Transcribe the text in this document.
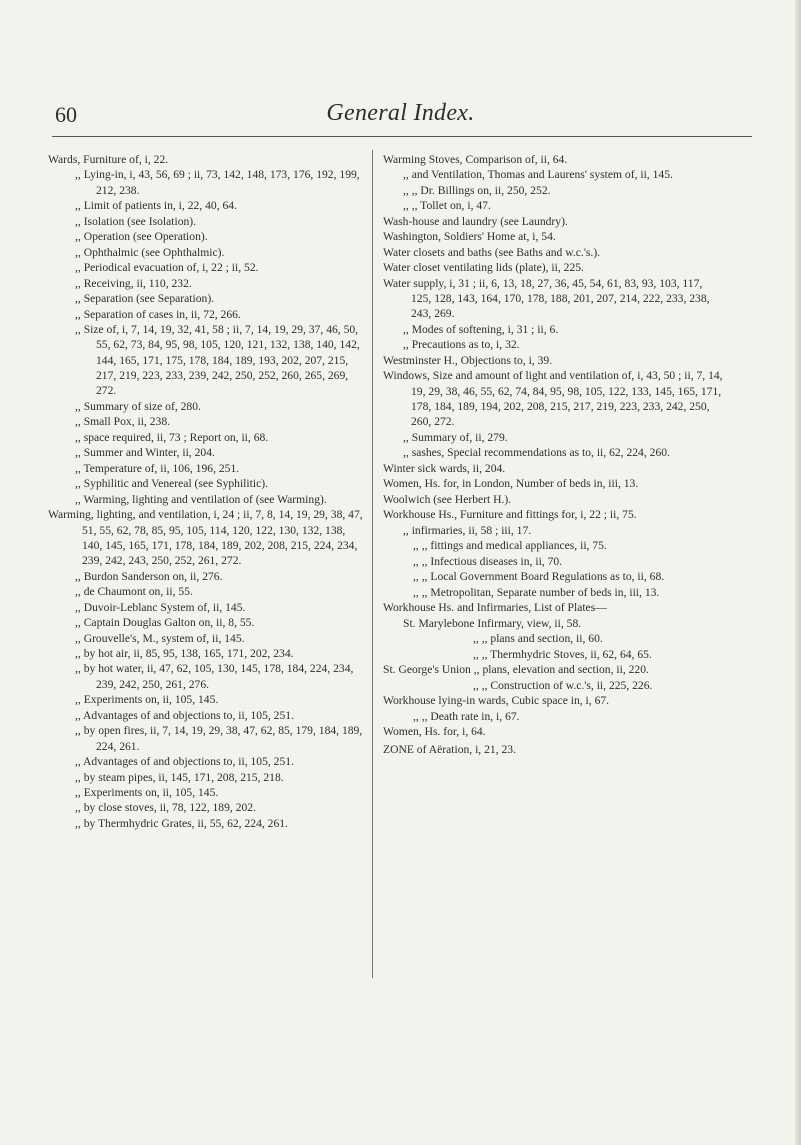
60	General Index.
Wards, Furniture of, i, 22.
,, Lying-in, i, 43, 56, 69 ; ii, 73, 142, 148, 173, 176, 192, 199, 212, 238.
,, Limit of patients in, i, 22, 40, 64.
,, Isolation (see Isolation).
,, Operation (see Operation).
,, Ophthalmic (see Ophthalmic).
,, Periodical evacuation of, i, 22 ; ii, 52.
,, Receiving, ii, 110, 232.
,, Separation (see Separation).
,, Separation of cases in, ii, 72, 266.
,, Size of, i, 7, 14, 19, 32, 41, 58 ; ii, 7, 14, 19, 29, 37, 46, 50, 55, 62, 73, 84, 95, 98, 105, 120, 121, 132, 138, 140, 142, 144, 165, 171, 175, 178, 184, 189, 193, 202, 207, 215, 217, 219, 223, 233, 239, 242, 250, 252, 260, 265, 269, 272.
,, Summary of size of, 280.
,, Small Pox, ii, 238.
,, space required, ii, 73 ; Report on, ii, 68.
,, Summer and Winter, ii, 204.
,, Temperature of, ii, 106, 196, 251.
,, Syphilitic and Venereal (see Syphilitic).
,, Warming, lighting and ventilation of (see Warming).
Warming, lighting, and ventilation, i, 24 ; ii, 7, 8, 14, 19, 29, 38, 47, 51, 55, 62, 78, 85, 95, 105, 114, 120, 122, 130, 132, 138, 140, 145, 165, 171, 178, 184, 189, 202, 208, 215, 224, 234, 239, 242, 243, 250, 252, 261, 272.
,, Burdon Sanderson on, ii, 276.
,, de Chaumont on, ii, 55.
,, Duvoir-Leblanc System of, ii, 145.
,, Captain Douglas Galton on, ii, 8, 55.
,, Grouvelle's, M., system of, ii, 145.
,, by hot air, ii, 85, 95, 138, 165, 171, 202, 234.
,, by hot water, ii, 47, 62, 105, 130, 145, 178, 184, 224, 234, 239, 242, 250, 261, 276.
,, Experiments on, ii, 105, 145.
,, Advantages of and objections to, ii, 105, 251.
,, by open fires, ii, 7, 14, 19, 29, 38, 47, 62, 85, 179, 184, 189, 224, 261.
,, Advantages of and objections to, ii, 105, 251.
,, by steam pipes, ii, 145, 171, 208, 215, 218.
,, Experiments on, ii, 105, 145.
,, by close stoves, ii, 78, 122, 189, 202.
,, by Thermhydric Grates, ii, 55, 62, 224, 261.
Warming Stoves, Comparison of, ii, 64.
,, and Ventilation, Thomas and Laurens' system of, ii, 145.
,, ,, Dr. Billings on, ii, 250, 252.
,, ,, Tollet on, i, 47.
Wash-house and laundry (see Laundry).
Washington, Soldiers' Home at, i, 54.
Water closets and baths (see Baths and w.c.'s.).
Water closet ventilating lids (plate), ii, 225.
Water supply, i, 31 ; ii, 6, 13, 18, 27, 36, 45, 54, 61, 83, 93, 103, 117, 125, 128, 143, 164, 170, 178, 188, 201, 207, 214, 222, 233, 238, 243, 269.
,, Modes of softening, i, 31 ; ii, 6.
,, Precautions as to, i, 32.
Westminster H., Objections to, i, 39.
Windows, Size and amount of light and ventilation of, i, 43, 50 ; ii, 7, 14, 19, 29, 38, 46, 55, 62, 74, 84, 95, 98, 105, 122, 133, 145, 165, 171, 178, 184, 189, 194, 202, 208, 215, 217, 219, 223, 233, 242, 250, 260, 272.
,, Summary of, ii, 279.
,, sashes, Special recommendations as to, ii, 62, 224, 260.
Winter sick wards, ii, 204.
Women, Hs. for, in London, Number of beds in, iii, 13.
Woolwich (see Herbert H.).
Workhouse Hs., Furniture and fittings for, i, 22 ; ii, 75.
,, infirmaries, ii, 58 ; iii, 17.
,, ,, fittings and medical appliances, ii, 75.
,, ,, Infectious diseases in, ii, 70.
,, ,, Local Government Board Regulations as to, ii, 68.
,, ,, Metropolitan, Separate number of beds in, iii, 13.
Workhouse Hs. and Infirmaries, List of Plates—
St. Marylebone Infirmary, view, ii, 58.
,, ,, plans and section, ii, 60.
,, ,, Thermhydric Stoves, ii, 62, 64, 65.
St. George's Union ,, plans, elevation and section, ii, 220.
,, ,, Construction of w.c.'s, ii, 225, 226.
Workhouse lying-in wards, Cubic space in, i, 67.
,, ,, Death rate in, i, 67.
Women, Hs. for, i, 64.
ZONE of Aëration, i, 21, 23.
